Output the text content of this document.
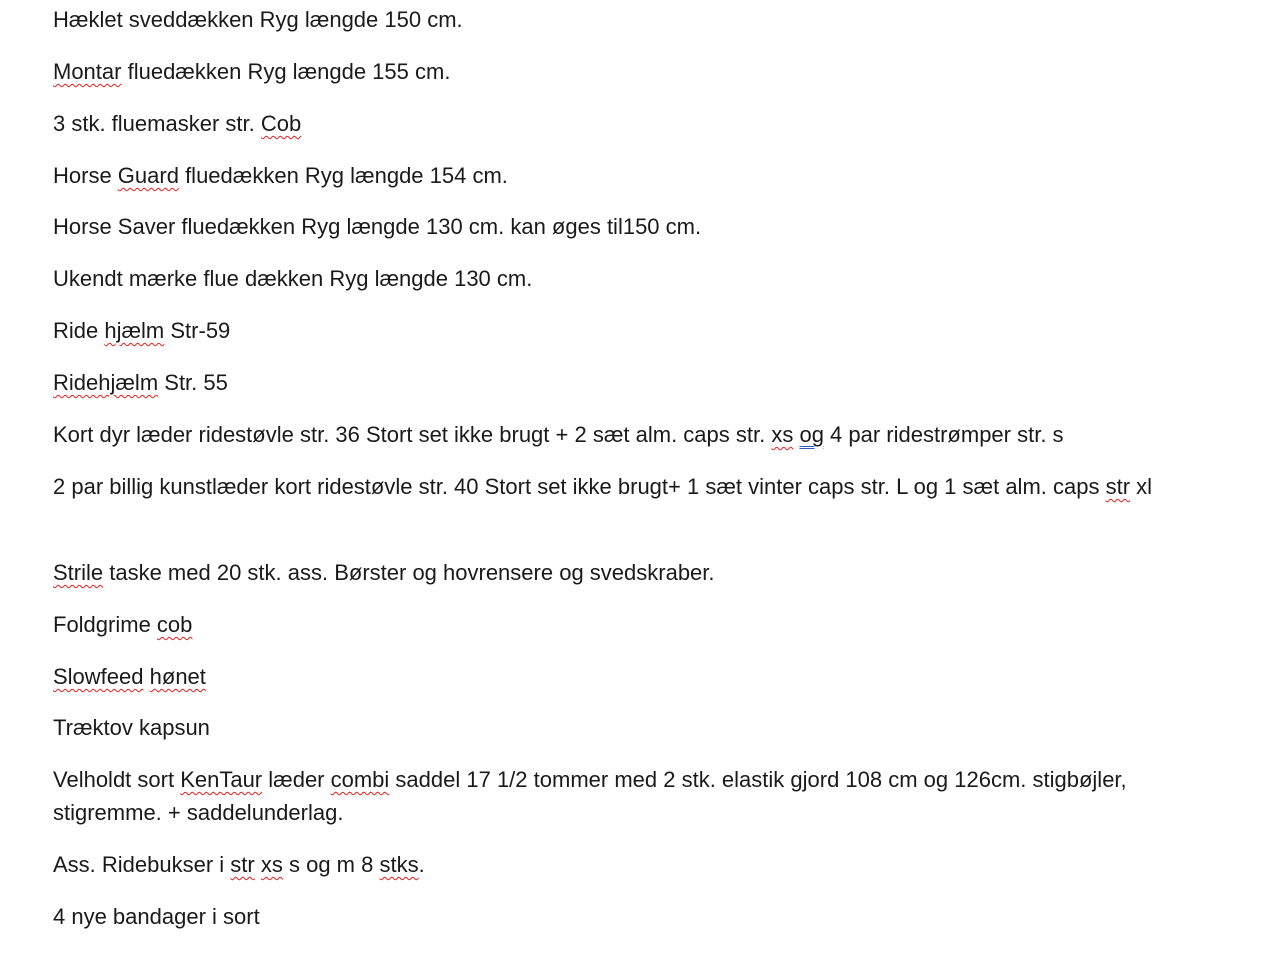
Hæklet sveddækken Ryg længde 150 cm.

Montar fluedækken Ryg længde 155 cm.

3 stk. fluemasker str. Cob

Horse Guard fluedækken Ryg længde 154 cm.

Horse Saver fluedækken Ryg længde 130 cm. kan øges til150 cm.

Ukendt mærke flue dækken Ryg længde 130 cm.

Ride hjælm Str-59

Ridehjælm Str. 55

Kort dyr læder ridestøvle str. 36 Stort set ikke brugt + 2 sæt alm. caps str. xs og 4 par ridestrømper str. s

2 par billig kunstlæder kort ridestøvle str. 40 Stort set ikke brugt+ 1 sæt vinter caps str. L og 1 sæt alm. caps str xl

Strile taske med 20 stk. ass. Børster og hovrensere og svedskraber.

Foldgrime cob

Slowfeed hønet

Træktov kapsun

Velholdt sort KenTaur læder combi saddel 17 1/2 tommer med 2 stk. elastik gjord 108 cm og 126cm. stigbøjler, stigremme. + saddelunderlag.

Ass. Ridebukser i str xs s og m 8 stks.

4 nye bandager i sort
